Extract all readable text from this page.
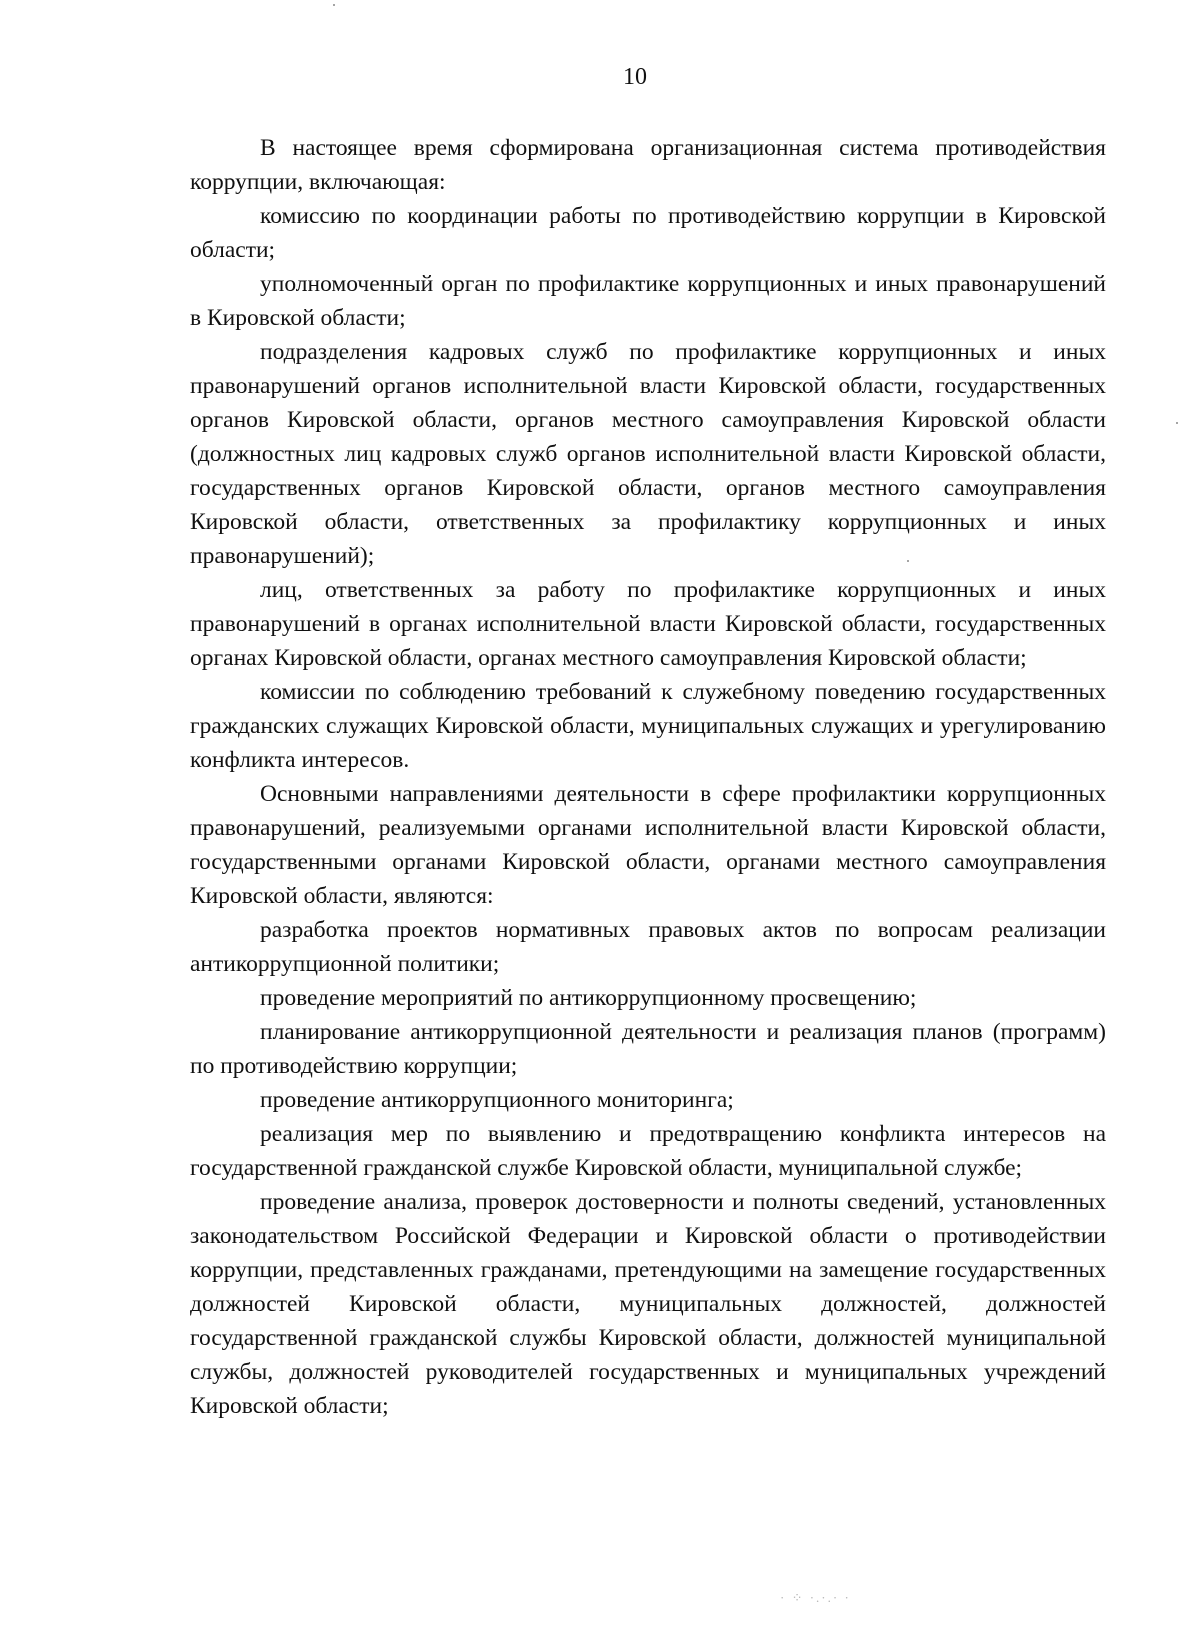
10

В настоящее время сформирована организационная система противодействия коррупции, включающая:

комиссию по координации работы по противодействию коррупции в Кировской области;

уполномоченный орган по профилактике коррупционных и иных правонарушений в Кировской области;

подразделения кадровых служб по профилактике коррупционных и иных правонарушений органов исполнительной власти Кировской области, государственных органов Кировской области, органов местного самоуправления Кировской области (должностных лиц кадровых служб органов исполнительной власти Кировской области, государственных органов Кировской области, органов местного самоуправления Кировской области, ответственных за профилактику коррупционных и иных правонарушений);

лиц, ответственных за работу по профилактике коррупционных и иных правонарушений в органах исполнительной власти Кировской области, государственных органах Кировской области, органах местного самоуправления Кировской области;

комиссии по соблюдению требований к служебному поведению государственных гражданских служащих Кировской области, муниципальных служащих и урегулированию конфликта интересов.

Основными направлениями деятельности в сфере профилактики коррупционных правонарушений, реализуемыми органами исполнительной власти Кировской области, государственными органами Кировской области, органами местного самоуправления Кировской области, являются:

разработка проектов нормативных правовых актов по вопросам реализации антикоррупционной политики;

проведение мероприятий по антикоррупционному просвещению;

планирование антикоррупционной деятельности и реализация планов (программ) по противодействию коррупции;

проведение антикоррупционного мониторинга;

реализация мер по выявлению и предотвращению конфликта интересов на государственной гражданской службе Кировской области, муниципальной службе;

проведение анализа, проверок достоверности и полноты сведений, установленных законодательством Российской Федерации и Кировской области о противодействии коррупции, представленных гражданами, претендующими на замещение государственных должностей Кировской области, муниципальных должностей, должностей государственной гражданской службы Кировской области, должностей муниципальной службы, должностей руководителей государственных и муниципальных учреждений Кировской области;

· ⁘ ·.·.· ·
